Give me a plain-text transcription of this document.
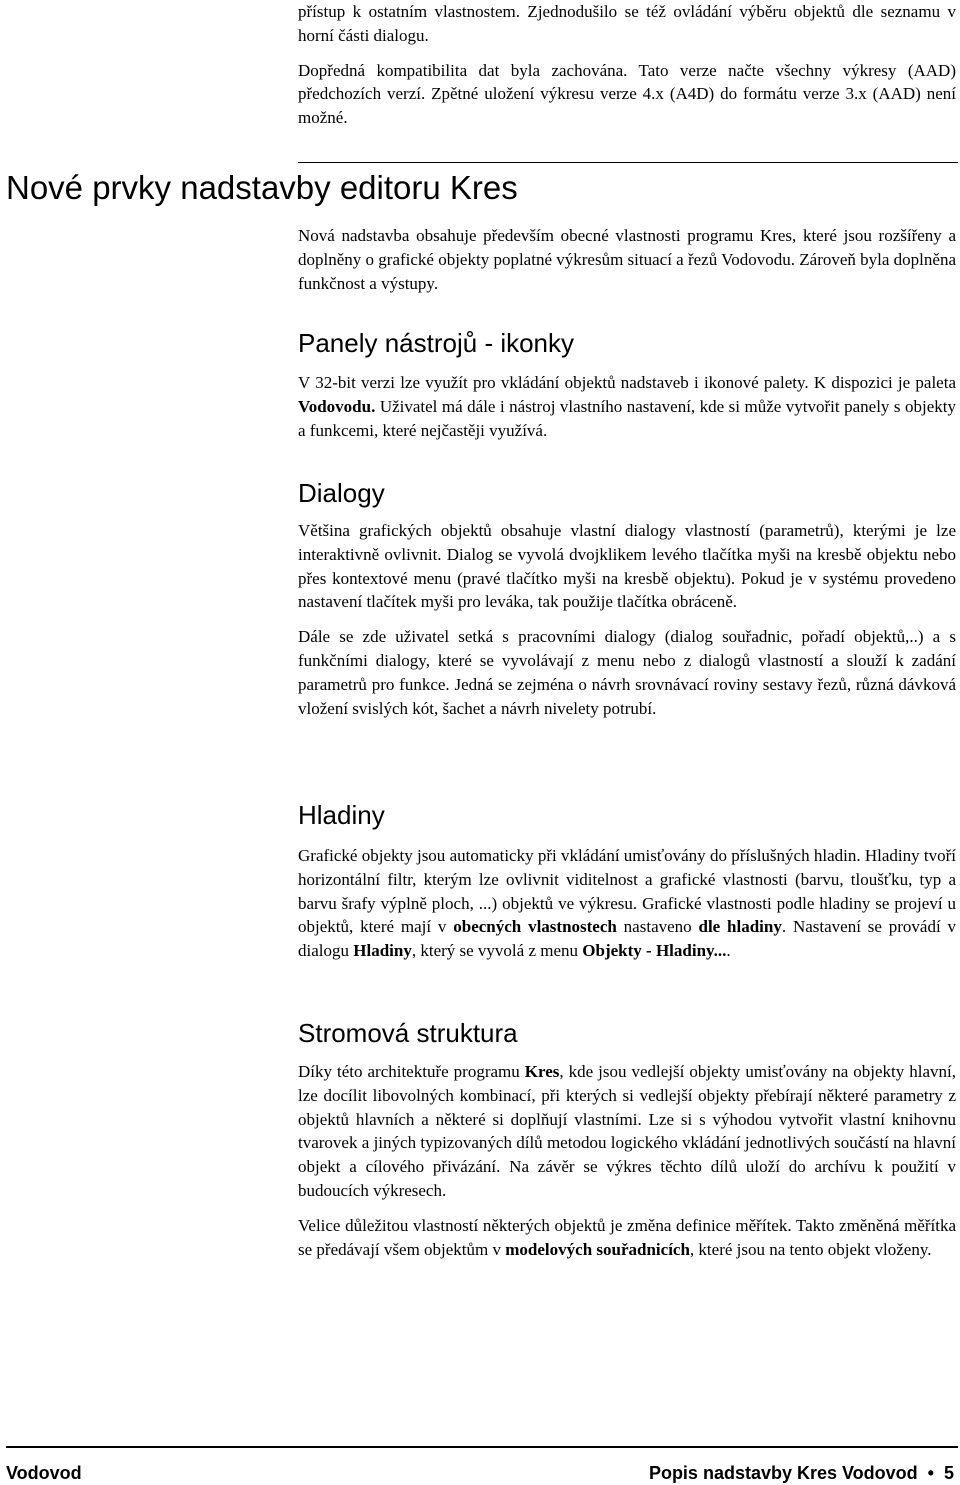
přístup k ostatním vlastnostem. Zjednodušilo se též ovládání výběru objektů dle seznamu v horní části dialogu.

Dopředná kompatibilita dat byla zachována. Tato verze načte všechny výkresy (AAD) předchozích verzí. Zpětné uložení výkresu verze 4.x (A4D) do formátu verze 3.x (AAD) není možné.

Nové prvky nadstavby editoru Kres

Nová nadstavba obsahuje především obecné vlastnosti programu Kres, které jsou rozšířeny a doplněny o grafické objekty poplatné výkresům situací a řezů Vodovodu. Zároveň byla doplněna funkčnost a výstupy.

Panely nástrojů - ikonky

V 32-bit verzi lze využít pro vkládání objektů nadstaveb i ikonové palety. K dispozici je paleta Vodovodu. Uživatel má dále i nástroj vlastního nastavení, kde si může vytvořit panely s objekty a funkcemi, které nejčastěji využívá.

Dialogy

Většina grafických objektů obsahuje vlastní dialogy vlastností (parametrů), kterými je lze interaktivně ovlivnit. Dialog se vyvolá dvojklikem levého tlačítka myši na kresbě objektu nebo přes kontextové menu (pravé tlačítko myši na kresbě objektu). Pokud je v systému provedeno nastavení tlačítek myši pro leváka, tak použije tlačítka obráceně.

Dále se zde uživatel setká s pracovními dialogy (dialog souřadnic, pořadí objektů,..) a s funkčními dialogy, které se vyvolávají z menu nebo z dialogů vlastností a slouží k zadání parametrů pro funkce. Jedná se zejména o návrh srovnávací roviny sestavy řezů, různá dávková vložení svislých kót, šachet a návrh nivelety potrubí.

Hladiny

Grafické objekty jsou automaticky při vkládání umisťovány do příslušných hladin. Hladiny tvoří horizontální filtr, kterým lze ovlivnit viditelnost a grafické vlastnosti (barvu, tloušťku, typ a barvu šrafy výplně ploch, ...) objektů ve výkresu. Grafické vlastnosti podle hladiny se projeví u objektů, které mají v obecných vlastnostech nastaveno dle hladiny. Nastavení se provádí v dialogu Hladiny, který se vyvolá z menu Objekty - Hladiny....

Stromová struktura

Díky této architektuře programu Kres, kde jsou vedlejší objekty umisťovány na objekty hlavní, lze docílit libovolných kombinací, při kterých si vedlejší objekty přebírají některé parametry z objektů hlavních a některé si doplňují vlastními. Lze si s výhodou vytvořit vlastní knihovnu tvarovek a jiných typizovaných dílů metodou logického vkládání jednotlivých součástí na hlavní objekt a cílového přivázání. Na závěr se výkres těchto dílů uloží do archívu k použití v budoucích výkresech.

Velice důležitou vlastností některých objektů je změna definice měřítek. Takto změněná měřítka se předávají všem objektům v modelových souřadnicích, které jsou na tento objekt vloženy.

Vodovod	Popis nadstavby Kres Vodovod • 5
